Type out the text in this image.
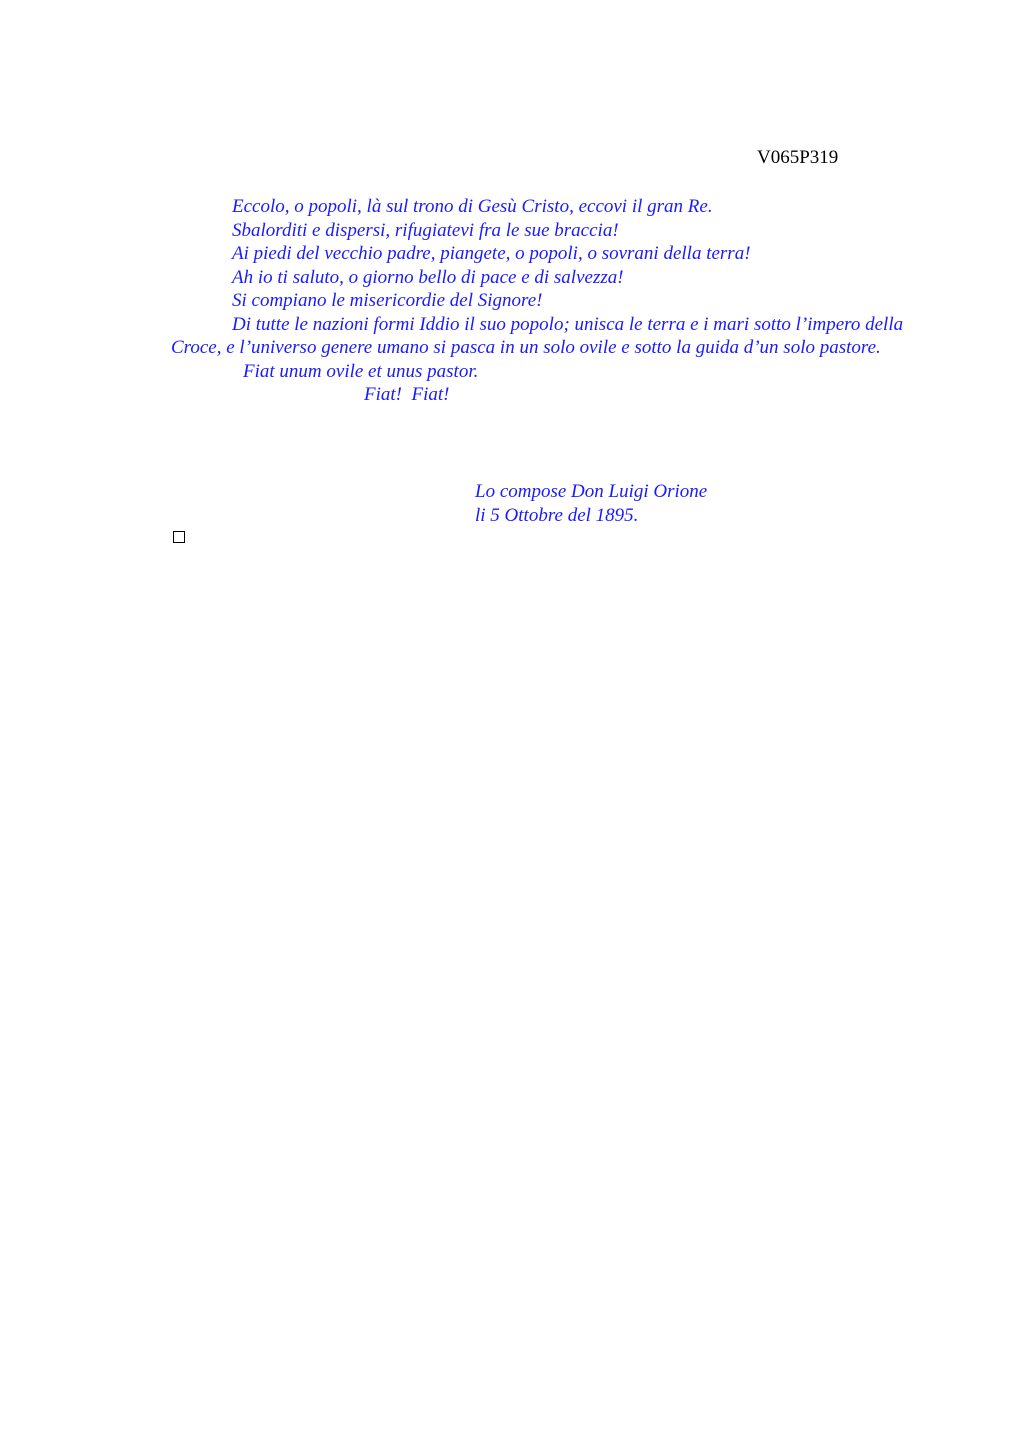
V065P319
Eccolo, o popoli, là sul trono di Gesù Cristo, eccovi il gran Re.
Sbalorditi e dispersi, rifugiatevi fra le sue braccia!
Ai piedi del vecchio padre, piangete, o popoli, o sovrani della terra!
Ah io ti saluto, o giorno bello di pace e di salvezza!
Si compiano le misericordie del Signore!
Di tutte le nazioni formi Iddio il suo popolo; unisca le terra e i mari sotto l’impero della Croce, e l’universo genere umano si pasca in un solo ovile e sotto la guida d’un solo pastore.
Fiat unum ovile et unus pastor.
Fiat!  Fiat!
Lo compose Don Luigi Orione
li 5 Ottobre del 1895.
